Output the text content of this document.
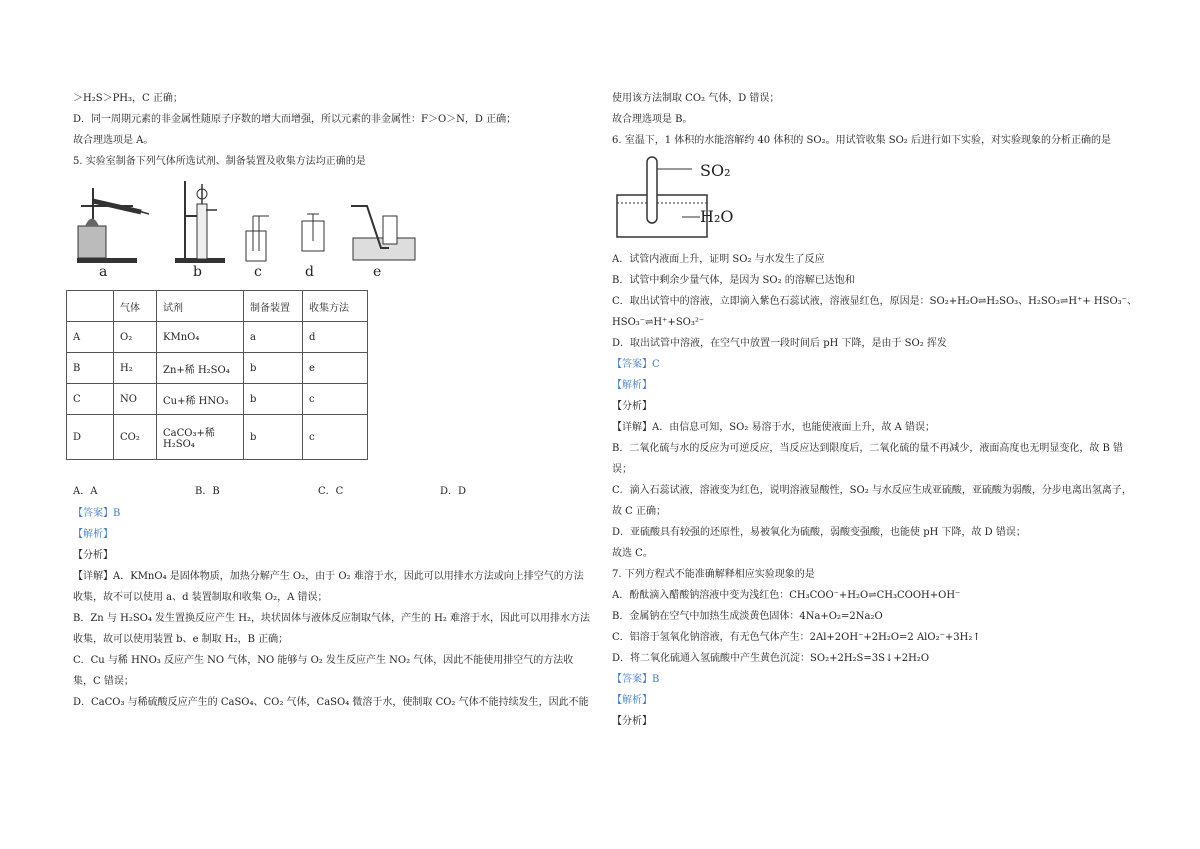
＞H₂S＞PH₃，C 正确；
D．同一周期元素的非金属性随原子序数的增大而增强，所以元素的非金属性：F＞O＞N，D 正确；
故合理选项是 A。
5. 实验室制备下列气体所选试剂、制备装置及收集方法均正确的是
a	b	c	d	e
	气体	试剂	制备装置	收集方法
A	O₂	KMnO₄	a	d
B	H₂	Zn+稀 H₂SO₄	b	e
C	NO	Cu+稀 HNO₃	b	c
D	CO₂	CaCO₃+稀 H₂SO₄	b	c
A．A	B．B	C．C	D．D
【答案】B
【解析】
【分析】
【详解】A．KMnO₄ 是固体物质，加热分解产生 O₂，由于 O₂ 难溶于水，因此可以用排水方法或向上排空气的方法收集，故不可以使用 a、d 装置制取和收集 O₂，A 错误；
B．Zn 与 H₂SO₄ 发生置换反应产生 H₂，块状固体与液体反应制取气体，产生的 H₂ 难溶于水，因此可以用排水方法收集，故可以使用装置 b、e 制取 H₂，B 正确；
C．Cu 与稀 HNO₃ 反应产生 NO 气体，NO 能够与 O₂ 发生反应产生 NO₂ 气体，因此不能使用排空气的方法收集，C 错误；
D．CaCO₃ 与稀硫酸反应产生的 CaSO₄、CO₂ 气体，CaSO₄ 微溶于水，使制取 CO₂ 气体不能持续发生，因此不能
使用该方法制取 CO₂ 气体，D 错误；
故合理选项是 B。
6. 室温下，1 体积的水能溶解约 40 体积的 SO₂。用试管收集 SO₂ 后进行如下实验，对实验现象的分析正确的是
SO₂
H₂O
A．试管内液面上升，证明 SO₂ 与水发生了反应
B．试管中剩余少量气体，是因为 SO₂ 的溶解已达饱和
C．取出试管中的溶液，立即滴入紫色石蕊试液，溶液显红色，原因是：SO₂+H₂O⇌H₂SO₃、H₂SO₃⇌H⁺+ HSO₃⁻、
HSO₃⁻⇌H⁺+SO₃²⁻
D．取出试管中溶液，在空气中放置一段时间后 pH 下降，是由于 SO₂ 挥发
【答案】C
【解析】
【分析】
【详解】A．由信息可知，SO₂ 易溶于水，也能使液面上升，故 A 错误；
B．二氧化硫与水的反应为可逆反应，当反应达到限度后，二氧化硫的量不再减少，液面高度也无明显变化，故 B 错误；
C．滴入石蕊试液，溶液变为红色，说明溶液显酸性，SO₂ 与水反应生成亚硫酸，亚硫酸为弱酸，分步电离出氢离子，故 C 正确；
D．亚硫酸具有较强的还原性，易被氧化为硫酸，弱酸变强酸，也能使 pH 下降，故 D 错误；
故选 C。
7. 下列方程式不能准确解释相应实验现象的是
A．酚酞滴入醋酸钠溶液中变为浅红色：CH₃COO⁻+H₂O⇌CH₃COOH+OH⁻
B．金属钠在空气中加热生成淡黄色固体：4Na+O₂=2Na₂O
C．铝溶于氢氧化钠溶液，有无色气体产生：2Al+2OH⁻+2H₂O=2 AlO₂⁻+3H₂↑
D．将二氧化硫通入氢硫酸中产生黄色沉淀：SO₂+2H₂S=3S↓+2H₂O
【答案】B
【解析】
【分析】
